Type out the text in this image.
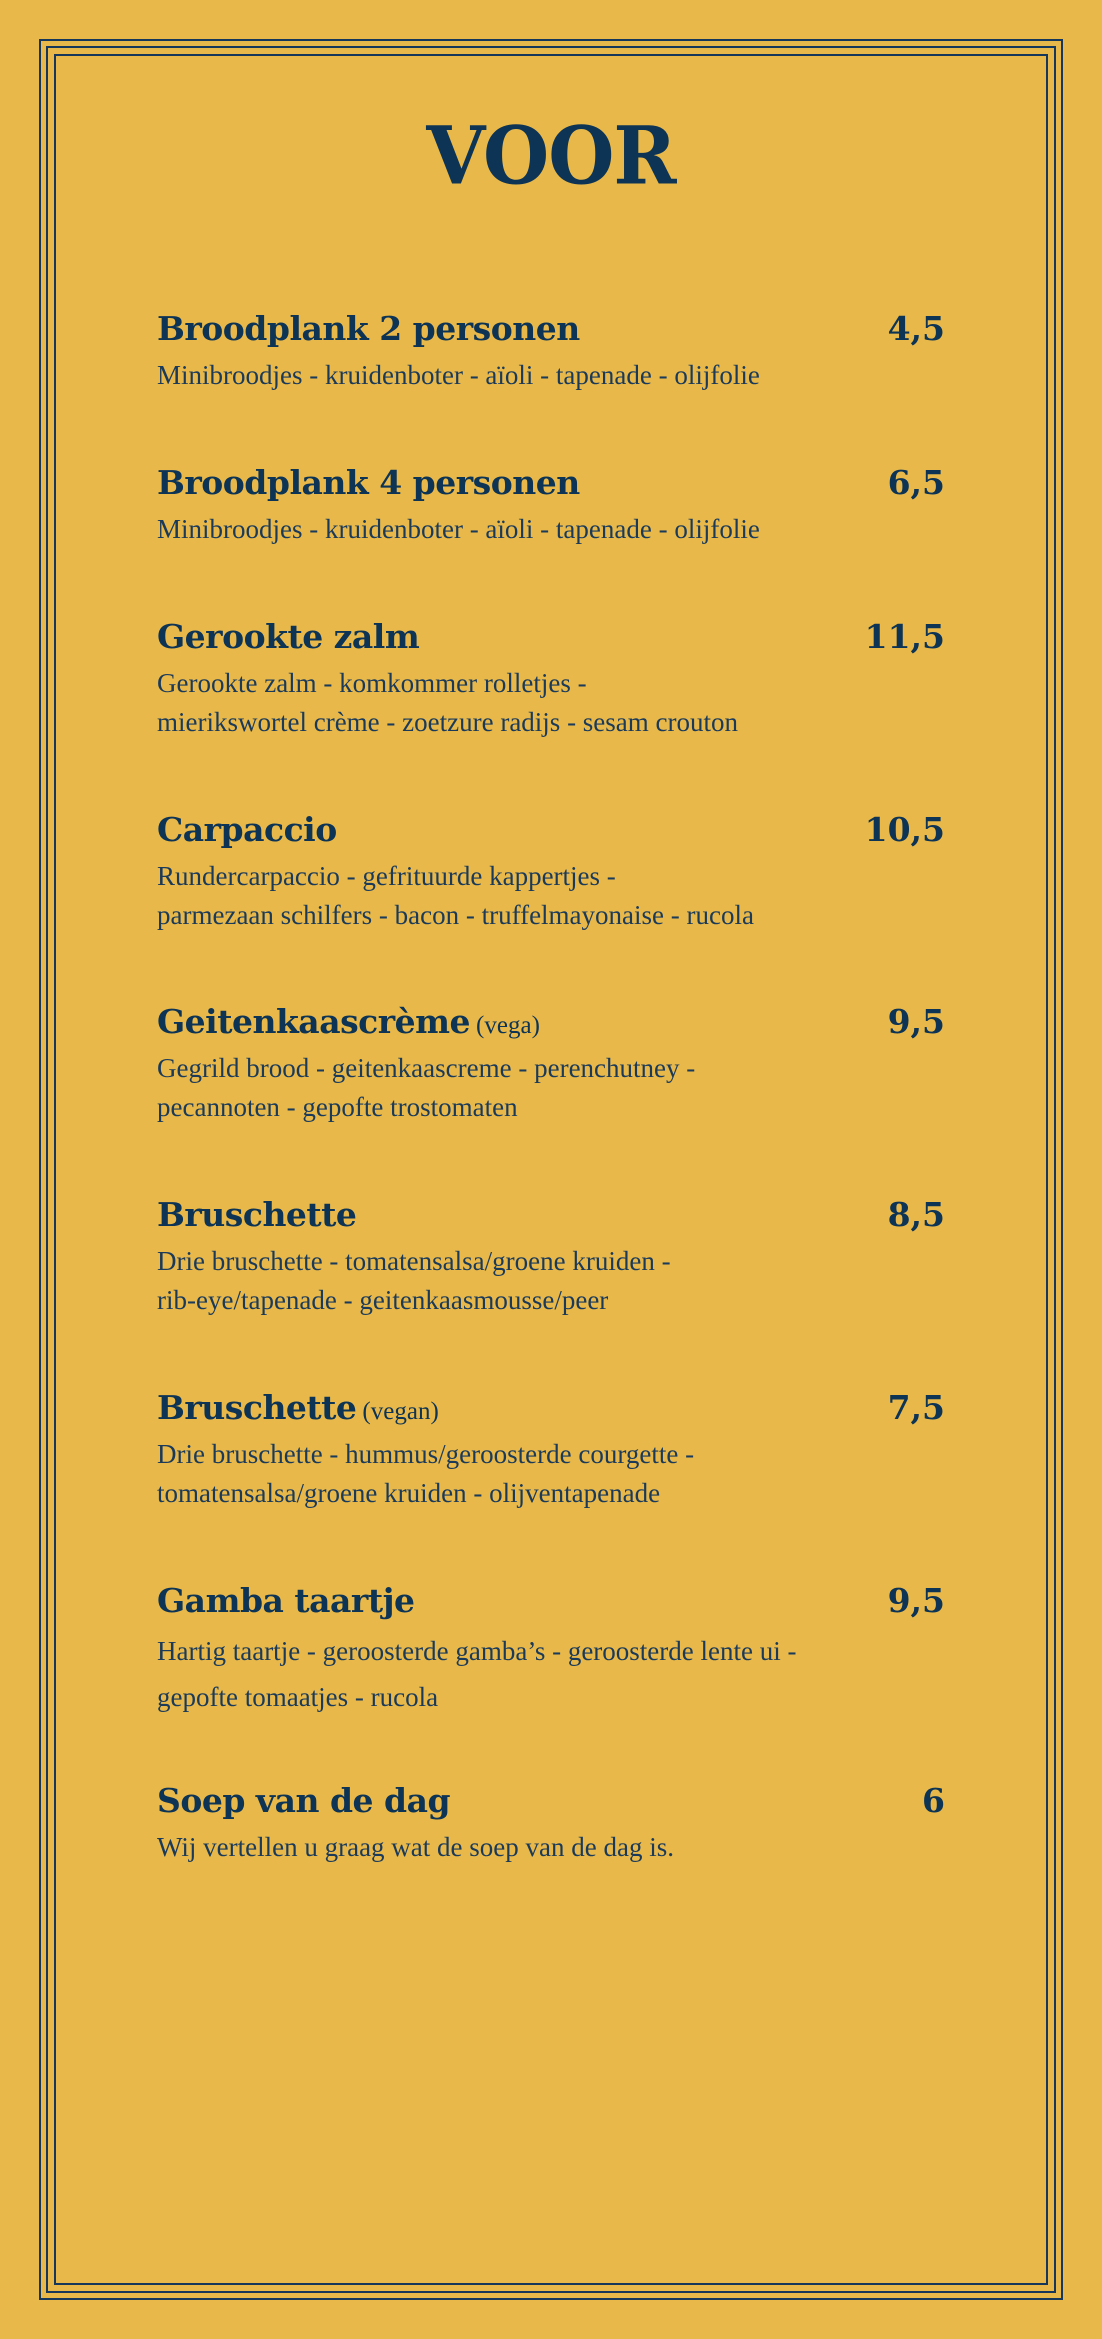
VOOR
Broodplank 2 personen	4,5
Minibroodjes - kruidenboter - aïoli - tapenade - olijfolie
Broodplank 4 personen	6,5
Minibroodjes - kruidenboter - aïoli - tapenade - olijfolie
Gerookte zalm	11,5
Gerookte zalm - komkommer rolletjes -
mierikswortel crème - zoetzure radijs - sesam crouton
Carpaccio	10,5
Rundercarpaccio - gefrituurde kappertjes -
parmezaan schilfers - bacon - truffelmayonaise - rucola
Geitenkaascrème (vega)	9,5
Gegrild brood - geitenkaascreme - perenchutney -
pecannoten - gepofte trostomaten
Bruschette	8,5
Drie bruschette - tomatensalsa/groene kruiden -
rib-eye/tapenade - geitenkaasmousse/peer
Bruschette (vegan)	7,5
Drie bruschette - hummus/geroosterde courgette -
tomatensalsa/groene kruiden - olijventapenade
Gamba taartje	9,5
Hartig taartje - geroosterde gamba’s - geroosterde lente ui -
gepofte tomaatjes - rucola
Soep van de dag	6
Wij vertellen u graag wat de soep van de dag is.
